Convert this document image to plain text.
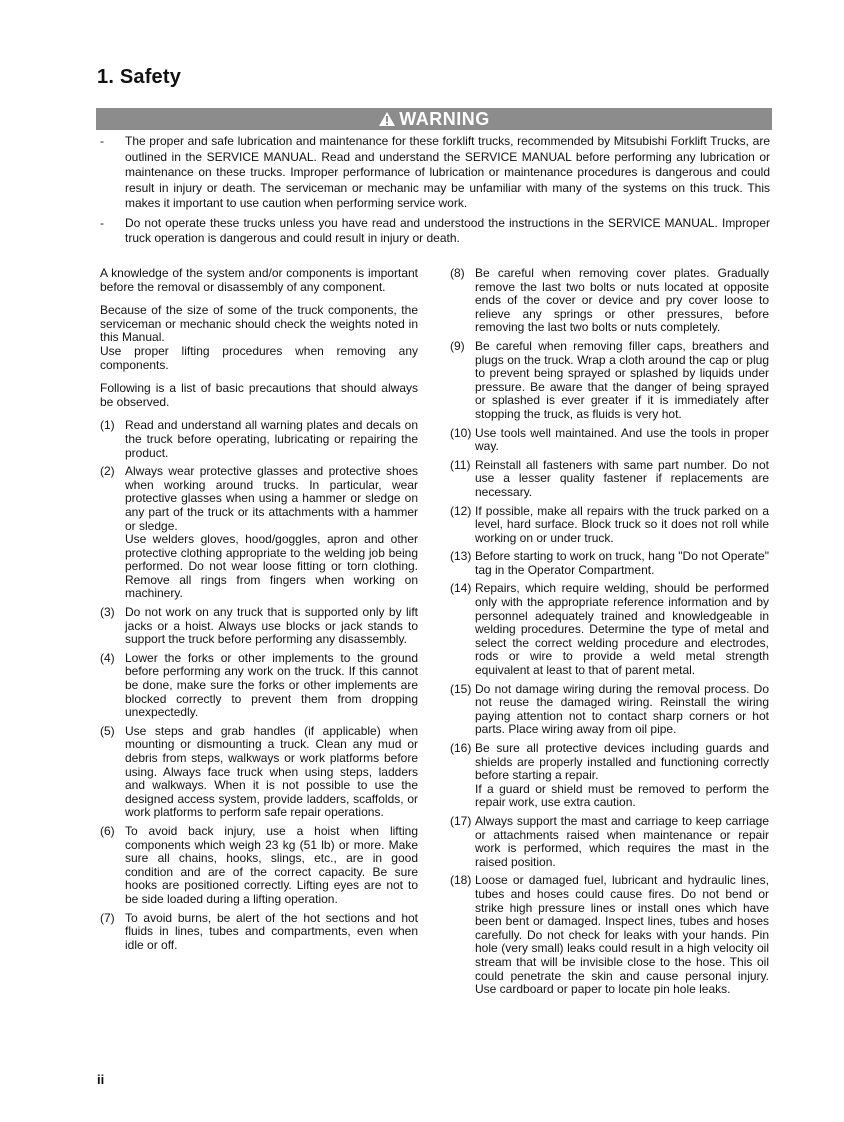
1. Safety
WARNING
-	The proper and safe lubrication and maintenance for these forklift trucks, recommended by Mitsubishi Forklift Trucks, are outlined in the SERVICE MANUAL. Read and understand the SERVICE MANUAL before performing any lubrication or maintenance on these trucks. Improper performance of lubrication or maintenance procedures is dangerous and could result in injury or death. The serviceman or mechanic may be unfamiliar with many of the systems on this truck. This makes it important to use caution when performing service work.
-	Do not operate these trucks unless you have read and understood the instructions in the SERVICE MANUAL. Improper truck operation is dangerous and could result in injury or death.

A knowledge of the system and/or components is important before the removal or disassembly of any component.

Because of the size of some of the truck components, the serviceman or mechanic should check the weights noted in this Manual.
Use proper lifting procedures when removing any components.

Following is a list of basic precautions that should always be observed.

(1) Read and understand all warning plates and decals on the truck before operating, lubricating or repairing the product.
(2) Always wear protective glasses and protective shoes when working around trucks. In particular, wear protective glasses when using a hammer or sledge on any part of the truck or its attachments with a hammer or sledge.
Use welders gloves, hood/goggles, apron and other protective clothing appropriate to the welding job being performed. Do not wear loose fitting or torn clothing. Remove all rings from fingers when working on machinery.
(3) Do not work on any truck that is supported only by lift jacks or a hoist. Always use blocks or jack stands to support the truck before performing any disassembly.
(4) Lower the forks or other implements to the ground before performing any work on the truck. If this cannot be done, make sure the forks or other implements are blocked correctly to prevent them from dropping unexpectedly.
(5) Use steps and grab handles (if applicable) when mounting or dismounting a truck. Clean any mud or debris from steps, walkways or work platforms before using. Always face truck when using steps, ladders and walkways. When it is not possible to use the designed access system, provide ladders, scaffolds, or work platforms to perform safe repair operations.
(6) To avoid back injury, use a hoist when lifting components which weigh 23 kg (51 lb) or more. Make sure all chains, hooks, slings, etc., are in good condition and are of the correct capacity. Be sure hooks are positioned correctly. Lifting eyes are not to be side loaded during a lifting operation.
(7) To avoid burns, be alert of the hot sections and hot fluids in lines, tubes and compartments, even when idle or off.
(8) Be careful when removing cover plates. Gradually remove the last two bolts or nuts located at opposite ends of the cover or device and pry cover loose to relieve any springs or other pressures, before removing the last two bolts or nuts completely.
(9) Be careful when removing filler caps, breathers and plugs on the truck. Wrap a cloth around the cap or plug to prevent being sprayed or splashed by liquids under pressure. Be aware that the danger of being sprayed or splashed is ever greater if it is immediately after stopping the truck, as fluids is very hot.
(10) Use tools well maintained. And use the tools in proper way.
(11) Reinstall all fasteners with same part number. Do not use a lesser quality fastener if replacements are necessary.
(12) If possible, make all repairs with the truck parked on a level, hard surface. Block truck so it does not roll while working on or under truck.
(13) Before starting to work on truck, hang "Do not Operate" tag in the Operator Compartment.
(14) Repairs, which require welding, should be performed only with the appropriate reference information and by personnel adequately trained and knowledgeable in welding procedures. Determine the type of metal and select the correct welding procedure and electrodes, rods or wire to provide a weld metal strength equivalent at least to that of parent metal.
(15) Do not damage wiring during the removal process. Do not reuse the damaged wiring. Reinstall the wiring paying attention not to contact sharp corners or hot parts. Place wiring away from oil pipe.
(16) Be sure all protective devices including guards and shields are properly installed and functioning correctly before starting a repair.
If a guard or shield must be removed to perform the repair work, use extra caution.
(17) Always support the mast and carriage to keep carriage or attachments raised when maintenance or repair work is performed, which requires the mast in the raised position.
(18) Loose or damaged fuel, lubricant and hydraulic lines, tubes and hoses could cause fires. Do not bend or strike high pressure lines or install ones which have been bent or damaged. Inspect lines, tubes and hoses carefully. Do not check for leaks with your hands. Pin hole (very small) leaks could result in a high velocity oil stream that will be invisible close to the hose. This oil could penetrate the skin and cause personal injury. Use cardboard or paper to locate pin hole leaks.
ii
